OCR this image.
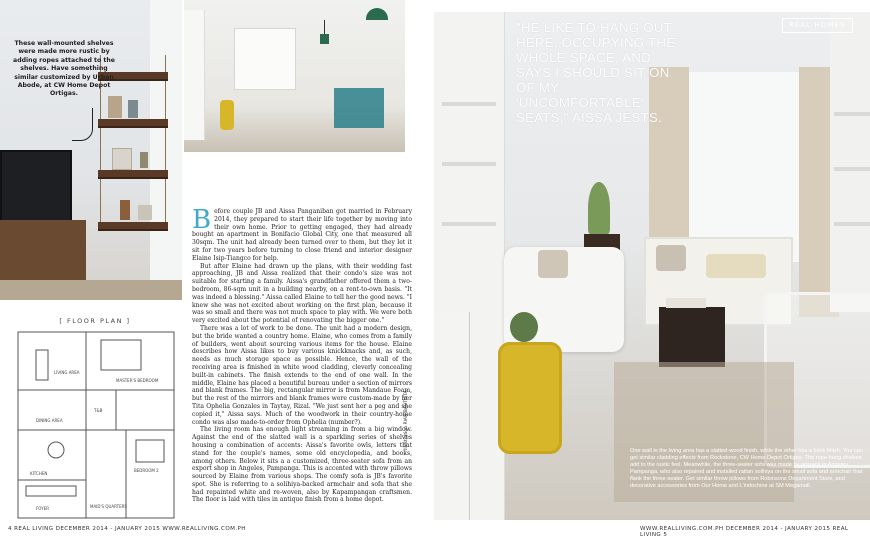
These wall-mounted shelves were made more rustic by adding ropes attached to the shelves. Have something similar customized by Urban Abode, at CW Home Depot Ortigas.
[ FLOOR PLAN ]
LIVING AREA
MASTER'S BEDROOM
DINING AREA
T&B
BEDROOM 2
KITCHEN
MAID'S QUARTERS
FOYER

Before couple JB and Aissa Panganiban got married in February 2014, they prepared to start their life together by moving into their own home. Prior to getting engaged, they had already bought an apartment in Bonifacio Global City, one that measured all 30sqm. The unit had already been turned over to them, but they let it sit for two years before turning to close friend and interior designer Elaine Isip-Tiangco for help.

But after Elaine had drawn up the plans, with their wedding fast approaching, JB and Aissa realized that their condo's size was not suitable for starting a family. Aissa's grandfather offered them a two-bedroom, 86-sqm unit in a building nearby, on a rent-to-own basis. "It was indeed a blessing." Aissa called Elaine to tell her the good news. "I knew she was not excited about working on the first plan, because it was so small and there was not much space to play with. We were both very excited about the potential of renovating the bigger one."

There was a lot of work to be done. The unit had a modern design, but the bride wanted a country home. Elaine, who comes from a family of builders, went about sourcing various items for the house. Elaine describes how Aissa likes to buy various knickknacks and, as such, needs as much storage space as possible. Hence, the wall of the receiving area is finished in white wood cladding, cleverly concealing built-in cabinets. The finish extends to the end of one wall. In the middle, Elaine has placed a beautiful bureau under a section of mirrors and blank frames. The big, rectangular mirror is from Mandaue Foam, but the rest of the mirrors and blank frames were custom-made by her Tita Ophelia Gonzales in Taytay, Rizal. "We just sent her a peg and she copied it," Aissa says. Much of the woodwork in their country-home condo was also made-to-order from Ophelia (number?).

The living room has enough light streaming in from a big window. Against the end of the slatted wall is a sparkling series of shelves housing a combination of accents: Aissa's favorite owls, letters that stand for the couple's names, some old encyclopedia, and books, among others. Below it sits a a customized, three-seater sofa from an export shop in Angeles, Pampanga. This is accented with throw pillows sourced by Elaine from various shops. The comfy sofa is JB's favorite spot. She is referring to a solihiya-backed armchair and sofa that she had repainted white and re-woven, also by Kapampangan craftsmen. The floor is laid with tiles in antique finish from a home depot.

Illustration RIAN BAUTISTA
4 REAL LIVING DECEMBER 2014 - JANUARY 2015 WWW.REALLIVING.COM.PH
"HE LIKE TO HANG OUT HERE, OCCUPYING THE WHOLE SPACE, AND SAYS I SHOULD SIT ON OF MY 'UNCOMFORTABLE' SEATS," AISSA JESTS.
REAL HOMES
One wall in the living area has a slatted-wood finish, while the other has a brick finish. You can get similar cladding effects from Rockstone, CW Home Depot Ortigas. The rope-hung shelves add to the rustic feel. Meanwhile, the three-seater sofa was made by artisans in Angeles, Pampanga, who also repaired and installed rattan solihiya on the small sofa and armchair that flank the three-seater. Get similar throw pillows from Robinsons Department Store, and decorative accessories from Our Home and L'indochine at SM Megamall.
WWW.REALLIVING.COM.PH DECEMBER 2014 - JANUARY 2015 REAL LIVING 5
